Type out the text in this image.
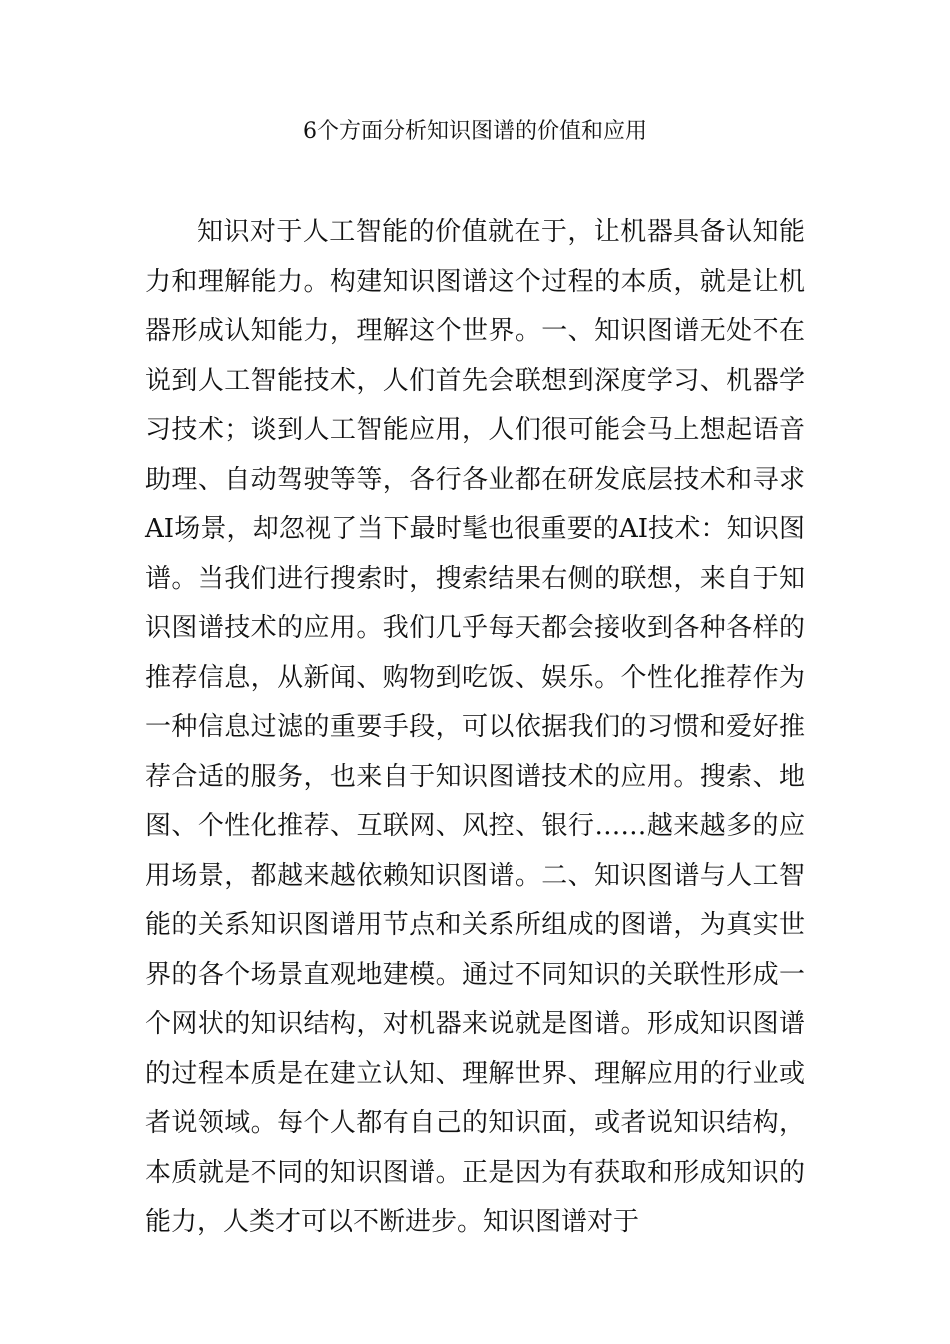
6个方面分析知识图谱的价值和应用

知识对于人工智能的价值就在于，让机器具备认知能力和理解能力。构建知识图谱这个过程的本质，就是让机器形成认知能力，理解这个世界。一、知识图谱无处不在说到人工智能技术，人们首先会联想到深度学习、机器学习技术；谈到人工智能应用，人们很可能会马上想起语音助理、自动驾驶等等，各行各业都在研发底层技术和寻求AI场景，却忽视了当下最时髦也很重要的AI技术：知识图谱。当我们进行搜索时，搜索结果右侧的联想，来自于知识图谱技术的应用。我们几乎每天都会接收到各种各样的推荐信息，从新闻、购物到吃饭、娱乐。个性化推荐作为一种信息过滤的重要手段，可以依据我们的习惯和爱好推荐合适的服务，也来自于知识图谱技术的应用。搜索、地图、个性化推荐、互联网、风控、银行……越来越多的应用场景，都越来越依赖知识图谱。二、知识图谱与人工智能的关系知识图谱用节点和关系所组成的图谱，为真实世界的各个场景直观地建模。通过不同知识的关联性形成一个网状的知识结构，对机器来说就是图谱。形成知识图谱的过程本质是在建立认知、理解世界、理解应用的行业或者说领域。每个人都有自己的知识面，或者说知识结构，本质就是不同的知识图谱。正是因为有获取和形成知识的能力，人类才可以不断进步。知识图谱对于
